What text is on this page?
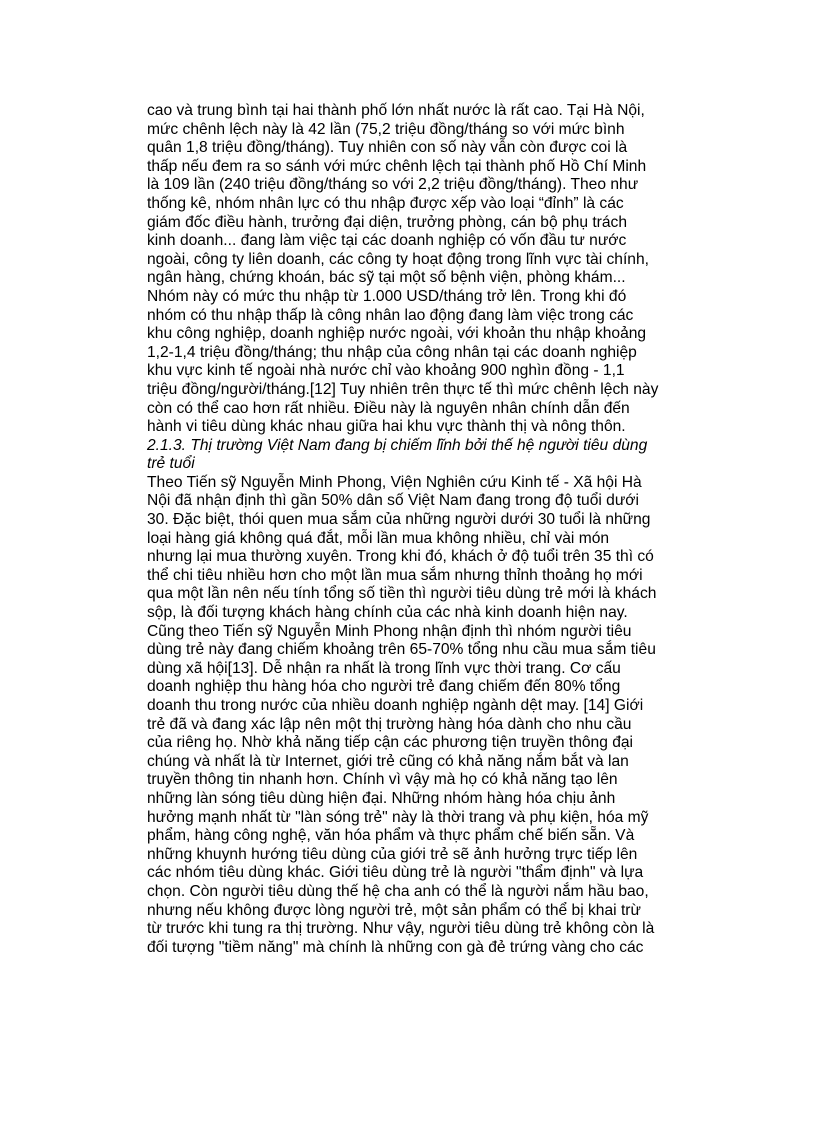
cao và trung bình tại hai thành phố lớn nhất nước là rất cao. Tại Hà Nội,
mức chênh lệch này là 42 lần (75,2 triệu đồng/tháng so với mức bình
quân 1,8 triệu đồng/tháng). Tuy nhiên con số này vẫn còn được coi là
thấp nếu đem ra so sánh với mức chênh lệch tại thành phố Hồ Chí Minh
là 109 lần (240 triệu đồng/tháng so với 2,2 triệu đồng/tháng). Theo như
thống kê, nhóm nhân lực có thu nhập được xếp vào loại “đỉnh” là các
giám đốc điều hành, trưởng đại diện, trưởng phòng, cán bộ phụ trách
kinh doanh... đang làm việc tại các doanh nghiệp có vốn đầu tư nước
ngoài, công ty liên doanh, các công ty hoạt động trong lĩnh vực tài chính,
ngân hàng, chứng khoán, bác sỹ tại một số bệnh viện, phòng khám...
Nhóm này có mức thu nhập từ 1.000 USD/tháng trở lên. Trong khi đó
nhóm có thu nhập thấp là công nhân lao động đang làm việc trong các
khu công nghiệp, doanh nghiệp nước ngoài, với khoản thu nhập khoảng
1,2-1,4 triệu đồng/tháng; thu nhập của công nhân tại các doanh nghiệp
khu vực kinh tế ngoài nhà nước chỉ vào khoảng 900 nghìn đồng - 1,1
triệu đồng/người/tháng.[12] Tuy nhiên trên thực tế thì mức chênh lệch này
còn có thể cao hơn rất nhiều. Điều này là nguyên nhân chính dẫn đến
hành vi tiêu dùng khác nhau giữa hai khu vực thành thị và nông thôn.
2.1.3. Thị trường Việt Nam đang bị chiếm lĩnh bởi thế hệ người tiêu dùng
trẻ tuổi
Theo Tiến sỹ Nguyễn Minh Phong, Viện Nghiên cứu Kinh tế - Xã hội Hà
Nội đã nhận định thì gần 50% dân số Việt Nam đang trong độ tuổi dưới
30. Đặc biệt, thói quen mua sắm của những người dưới 30 tuổi là những
loại hàng giá không quá đắt, mỗi lần mua không nhiều, chỉ vài món
nhưng lại mua thường xuyên. Trong khi đó, khách ở độ tuổi trên 35 thì có
thể chi tiêu nhiều hơn cho một lần mua sắm nhưng thỉnh thoảng họ mới
qua một lần nên nếu tính tổng số tiền thì người tiêu dùng trẻ mới là khách
sộp, là đối tượng khách hàng chính của các nhà kinh doanh hiện nay.
Cũng theo Tiến sỹ Nguyễn Minh Phong nhận định thì nhóm người tiêu
dùng trẻ này đang chiếm khoảng trên 65-70% tổng nhu cầu mua sắm tiêu
dùng xã hội[13]. Dễ nhận ra nhất là trong lĩnh vực thời trang. Cơ cấu
doanh nghiệp thu hàng hóa cho người trẻ đang chiếm đến 80% tổng
doanh thu trong nước của nhiều doanh nghiệp ngành dệt may. [14] Giới
trẻ đã và đang xác lập nên một thị trường hàng hóa dành cho nhu cầu
của riêng họ. Nhờ khả năng tiếp cận các phương tiện truyền thông đại
chúng và nhất là từ Internet, giới trẻ cũng có khả năng nắm bắt và lan
truyền thông tin nhanh hơn. Chính vì vậy mà họ có khả năng tạo lên
những làn sóng tiêu dùng hiện đại. Những nhóm hàng hóa chịu ảnh
hưởng mạnh nhất từ "làn sóng trẻ" này là thời trang và phụ kiện, hóa mỹ
phẩm, hàng công nghệ, văn hóa phẩm và thực phẩm chế biến sẵn. Và
những khuynh hướng tiêu dùng của giới trẻ sẽ ảnh hưởng trực tiếp lên
các nhóm tiêu dùng khác. Giới tiêu dùng trẻ là người "thẩm định" và lựa
chọn. Còn người tiêu dùng thế hệ cha anh có thể là người nắm hầu bao,
nhưng nếu không được lòng người trẻ, một sản phẩm có thể bị khai trừ
từ trước khi tung ra thị trường. Như vậy, người tiêu dùng trẻ không còn là
đối tượng "tiềm năng" mà chính là những con gà đẻ trứng vàng cho các
